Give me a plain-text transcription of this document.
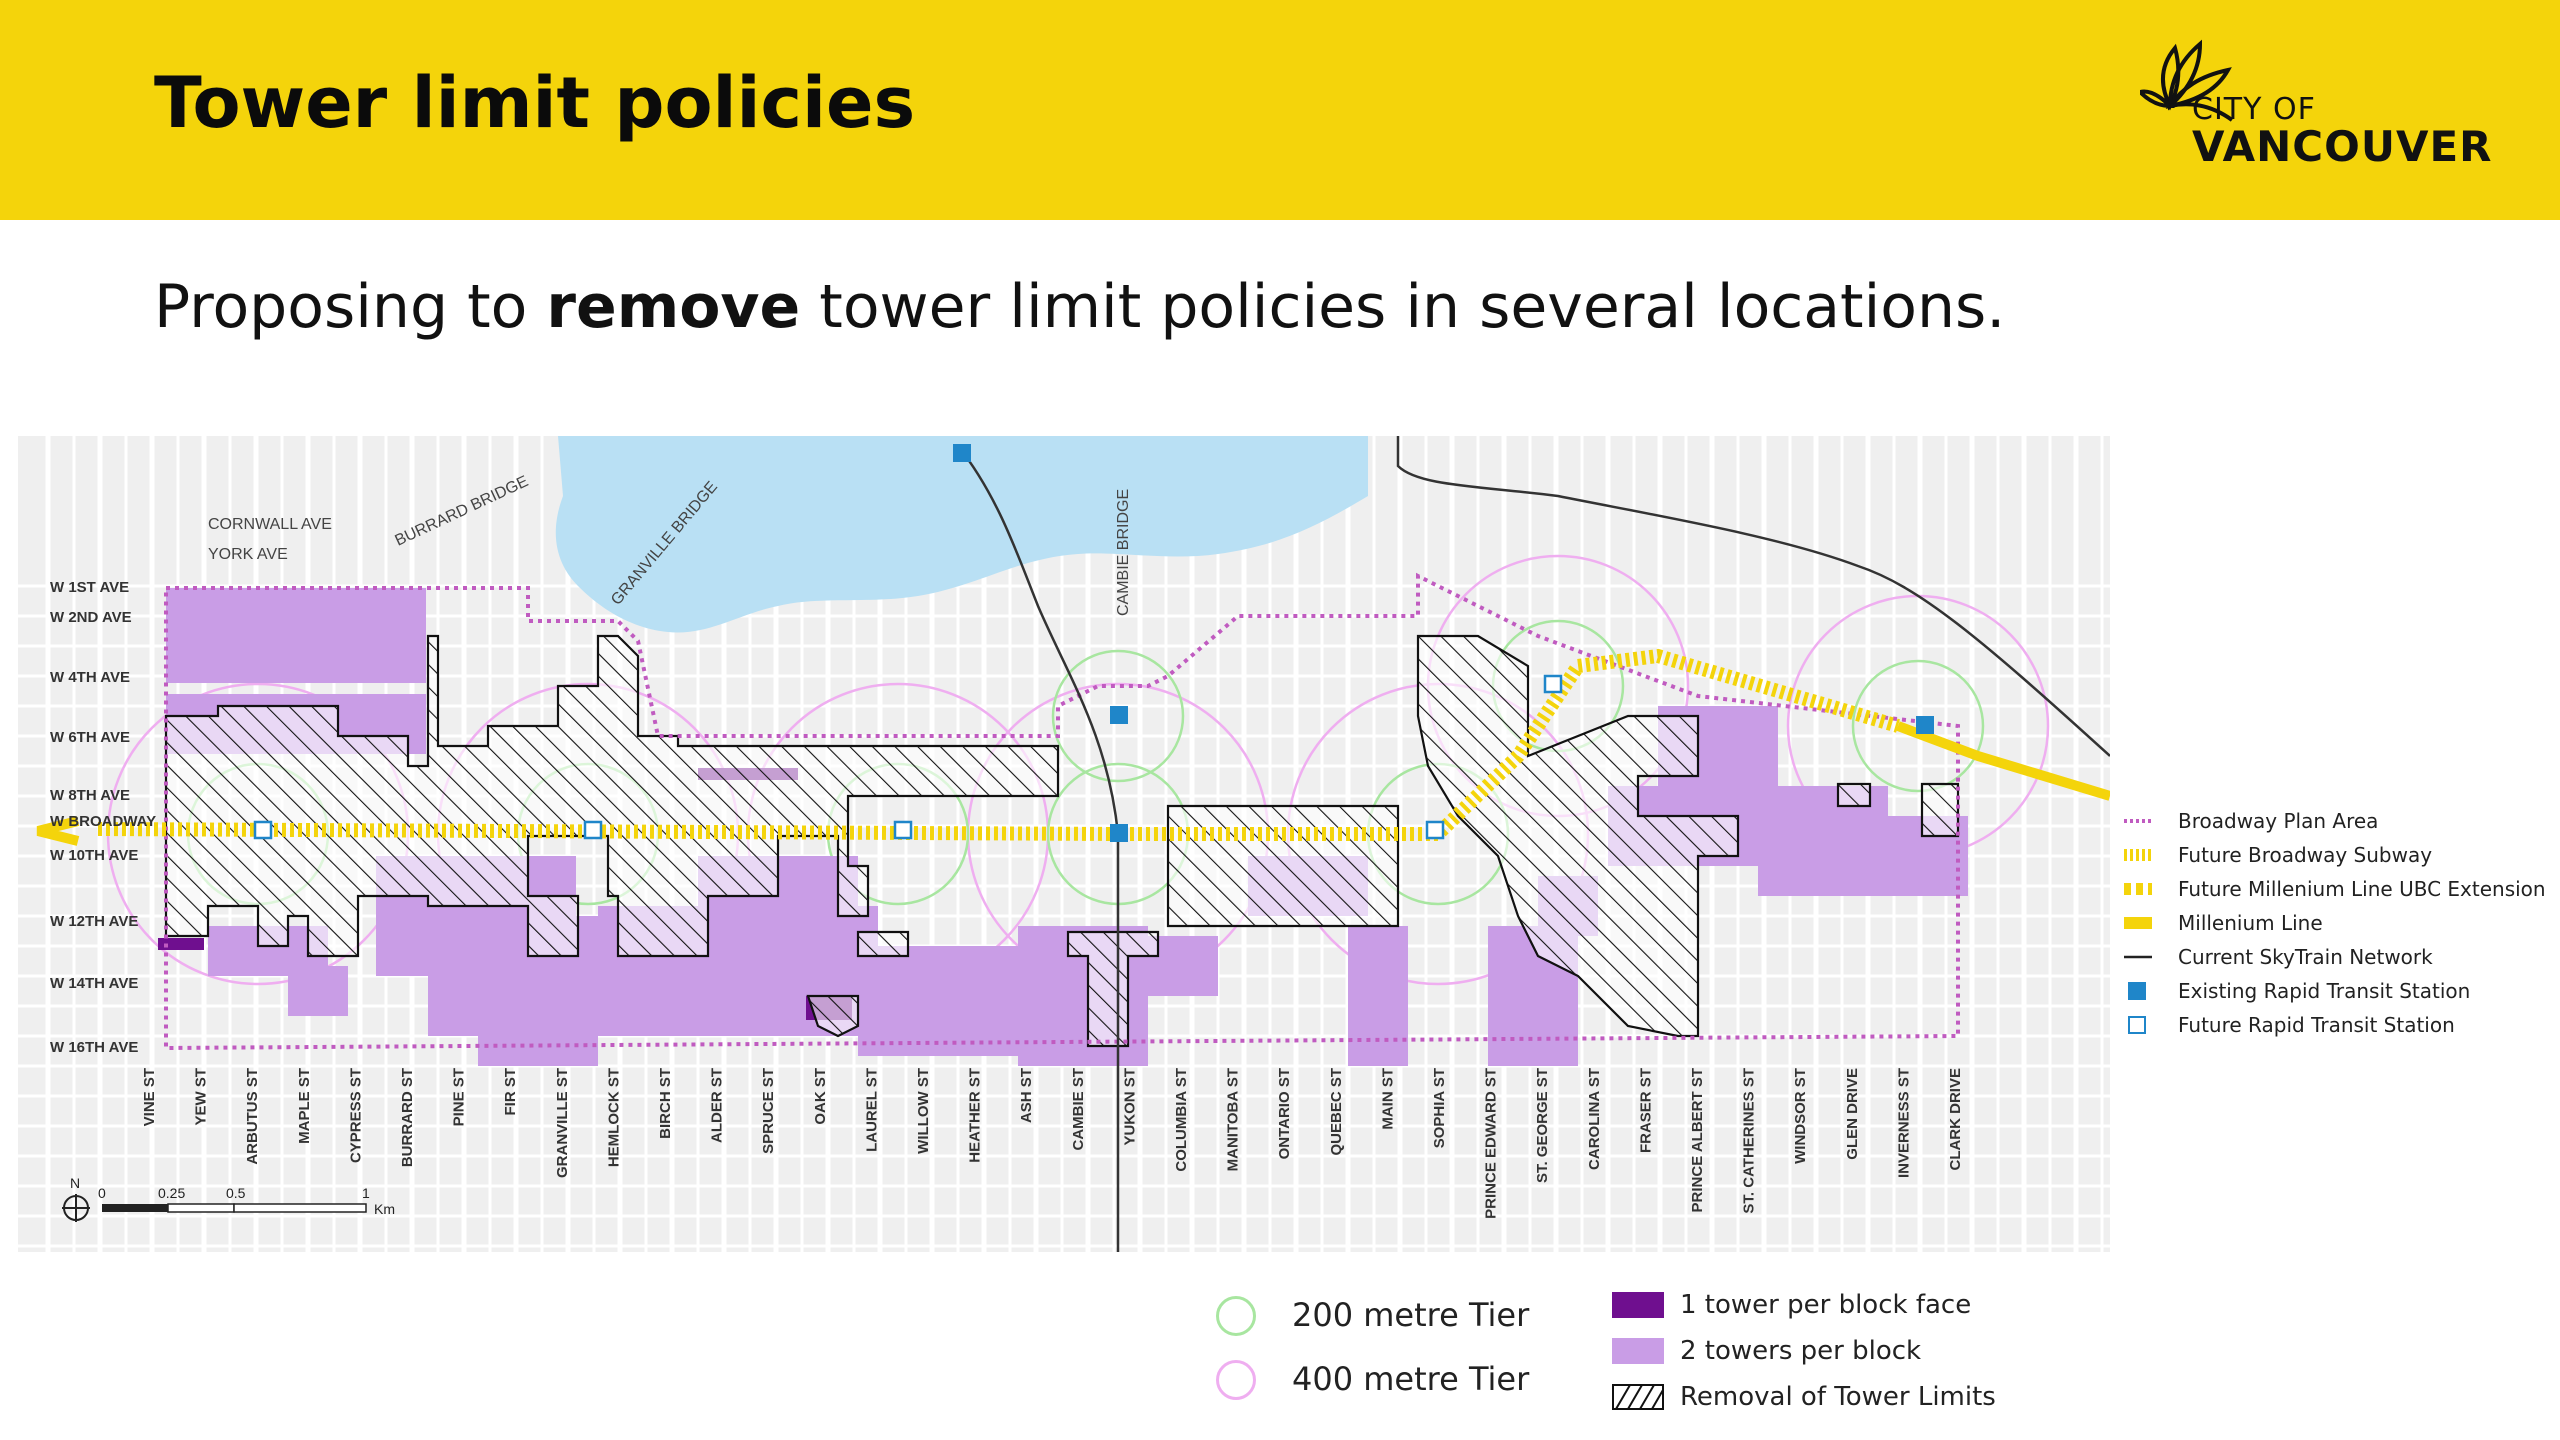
Tower limit policies	CITY OF
VANCOUVER
Proposing to remove tower limit policies in several locations.
CORNWALL AVE
YORK AVE
BURRARD BRIDGE	GRANVILLE BRIDGE	CAMBIE BRIDGE
W 1ST AVE
W 2ND AVE
W 4TH AVE
W 6TH AVE
W 8TH AVE
W BROADWAY
W 10TH AVE
W 12TH AVE
W 14TH AVE
W 16TH AVE
VINE ST YEW ST ARBUTUS ST MAPLE ST CYPRESS ST BURRARD ST PINE ST FIR ST GRANVILLE ST HEMLOCK ST BIRCH ST ALDER ST SPRUCE ST OAK ST LAUREL ST WILLOW ST HEATHER ST ASH ST CAMBIE ST YUKON ST COLUMBIA ST MANITOBA ST ONTARIO ST QUEBEC ST MAIN ST SOPHIA ST PRINCE EDWARD ST ST. GEORGE ST CAROLINA ST FRASER ST PRINCE ALBERT ST ST. CATHERINES ST WINDSOR ST GLEN DRIVE INVERNESS ST CLARK DRIVE
N
0	0.25	0.5	1
Km
Broadway Plan Area
Future Broadway Subway
Future Millenium Line UBC Extension
Millenium Line
Current SkyTrain Network
Existing Rapid Transit Station
Future Rapid Transit Station
200 metre Tier
400 metre Tier
1 tower per block face
2 towers per block
Removal of Tower Limits
